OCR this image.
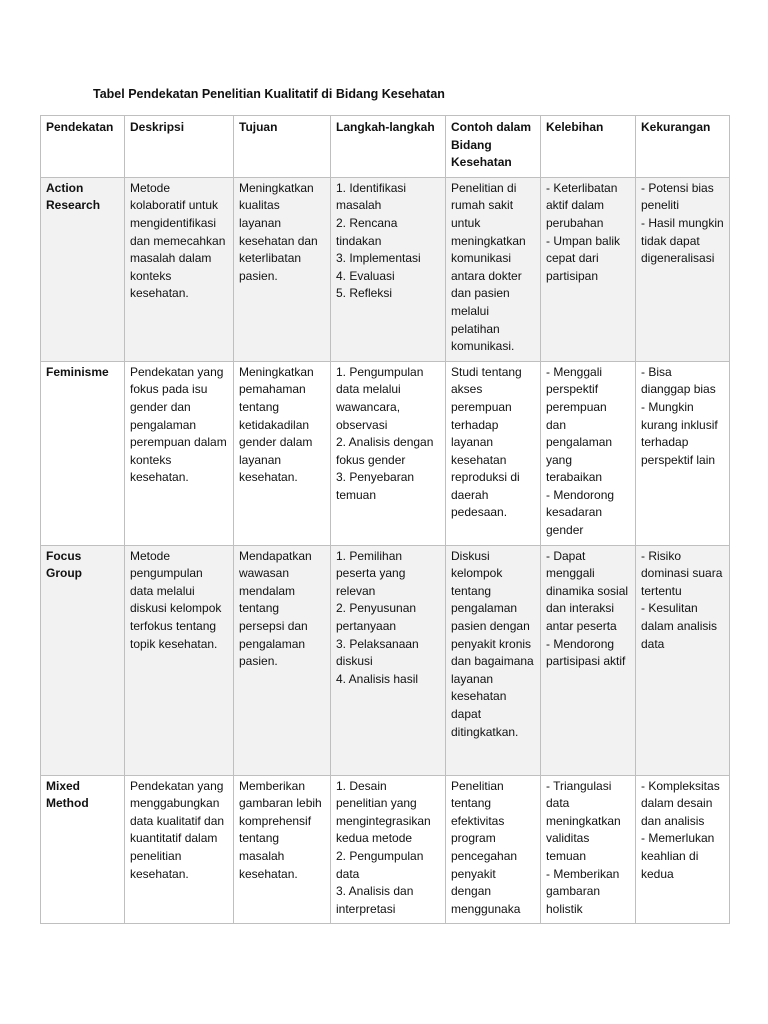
Tabel Pendekatan Penelitian Kualitatif di Bidang Kesehatan
Pendekatan	Deskripsi	Tujuan	Langkah-langkah	Contoh dalam Bidang Kesehatan	Kelebihan	Kekurangan
Action Research	Metode kolaboratif untuk mengidentifikasi dan memecahkan masalah dalam konteks kesehatan.	Meningkatkan kualitas layanan kesehatan dan keterlibatan pasien.	1. Identifikasi masalah
2. Rencana tindakan
3. Implementasi
4. Evaluasi
5. Refleksi	Penelitian di rumah sakit untuk meningkatkan komunikasi antara dokter dan pasien melalui pelatihan komunikasi.	- Keterlibatan aktif dalam perubahan
- Umpan balik cepat dari partisipan	- Potensi bias peneliti
- Hasil mungkin tidak dapat digeneralisasi

Feminisme	Pendekatan yang fokus pada isu gender dan pengalaman perempuan dalam konteks kesehatan.	Meningkatkan pemahaman tentang ketidakadilan gender dalam layanan kesehatan.	1. Pengumpulan data melalui wawancara, observasi
2. Analisis dengan fokus gender
3. Penyebaran temuan	Studi tentang akses perempuan terhadap layanan kesehatan reproduksi di daerah pedesaan.	- Menggali perspektif perempuan dan pengalaman yang terabaikan
- Mendorong kesadaran gender	- Bisa dianggap bias
- Mungkin kurang inklusif terhadap perspektif lain

Focus Group	Metode pengumpulan data melalui diskusi kelompok terfokus tentang topik kesehatan.	Mendapatkan wawasan mendalam tentang persepsi dan pengalaman pasien.	1. Pemilihan peserta yang relevan
2. Penyusunan pertanyaan
3. Pelaksanaan diskusi
4. Analisis hasil	Diskusi kelompok tentang pengalaman pasien dengan penyakit kronis dan bagaimana layanan kesehatan dapat ditingkatkan.	- Dapat menggali dinamika sosial dan interaksi antar peserta
- Mendorong partisipasi aktif	- Risiko dominasi suara tertentu
- Kesulitan dalam analisis data

Mixed Method	Pendekatan yang menggabungkan data kualitatif dan kuantitatif dalam penelitian kesehatan.	Memberikan gambaran lebih komprehensif tentang masalah kesehatan.	1. Desain penelitian yang mengintegrasikan kedua metode
2. Pengumpulan data
3. Analisis dan interpretasi	Penelitian tentang efektivitas program pencegahan penyakit dengan menggunaka	- Triangulasi data meningkatkan validitas temuan
- Memberikan gambaran holistik	- Kompleksitas dalam desain dan analisis
- Memerlukan keahlian di kedua
